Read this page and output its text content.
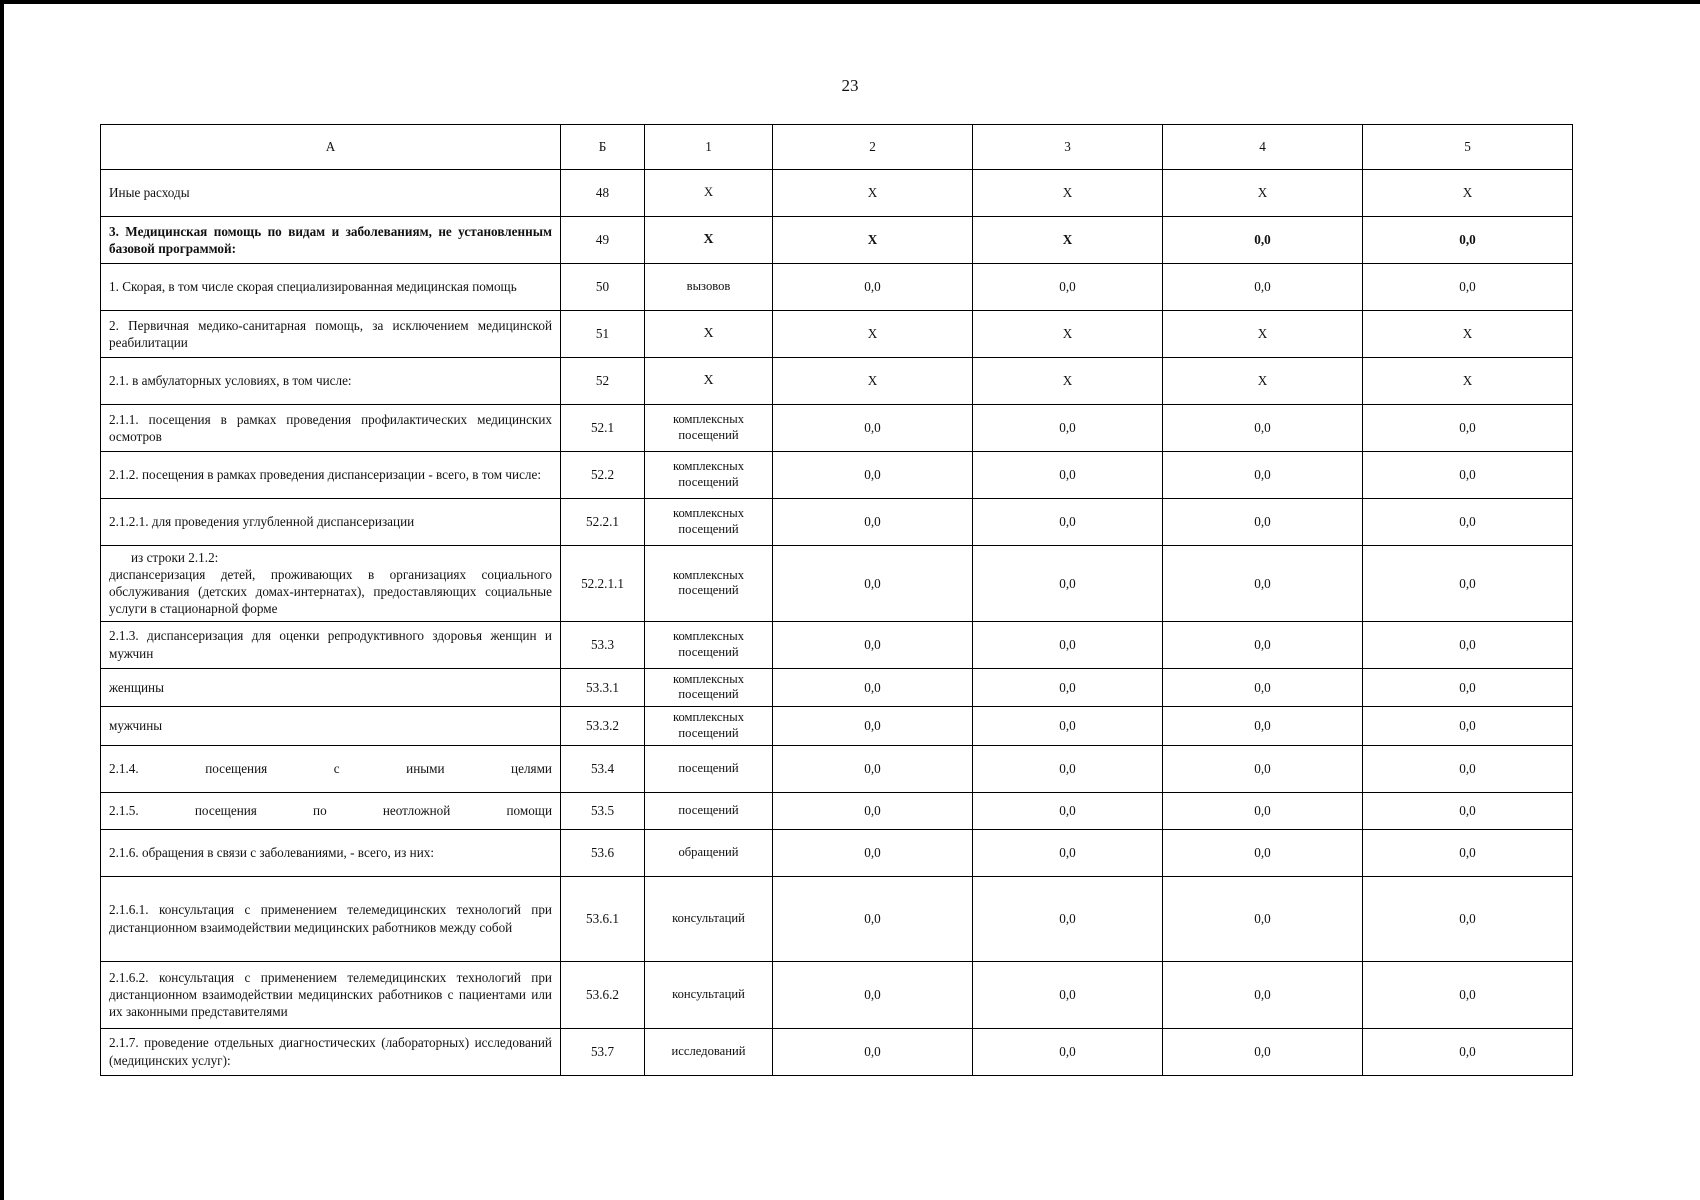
23
А	Б	1	2	3	4	5
Иные расходы	48	Х	Х	Х	Х	Х
3. Медицинская помощь по видам и заболеваниям, не установленным базовой программой:	49	Х	Х	Х	0,0	0,0
1. Скорая, в том числе скорая специализированная медицинская помощь	50	вызовов	0,0	0,0	0,0	0,0
2. Первичная медико-санитарная помощь, за исключением медицинской реабилитации	51	Х	Х	Х	Х	Х
2.1. в амбулаторных условиях, в том числе:	52	Х	Х	Х	Х	Х
2.1.1. посещения в рамках проведения профилактических медицинских осмотров	52.1	комплексных посещений	0,0	0,0	0,0	0,0
2.1.2. посещения в рамках проведения диспансеризации - всего, в том числе:	52.2	комплексных посещений	0,0	0,0	0,0	0,0
2.1.2.1. для проведения углубленной диспансеризации	52.2.1	комплексных посещений	0,0	0,0	0,0	0,0

из строки 2.1.2:
диспансеризация детей, проживающих в организациях социального обслуживания (детских домах-интернатах), предоставляющих социальные услуги в стационарной форме	52.2.1.1	комплексных посещений	0,0	0,0	0,0	0,0
2.1.3. диспансеризация для оценки репродуктивного здоровья женщин и мужчин	53.3	комплексных посещений	0,0	0,0	0,0	0,0
женщины	53.3.1	комплексных посещений	0,0	0,0	0,0	0,0
мужчины	53.3.2	комплексных посещений	0,0	0,0	0,0	0,0
2.1.4. посещения с иными целями	53.4	посещений	0,0	0,0	0,0	0,0
2.1.5. посещения по неотложной помощи	53.5	посещений	0,0	0,0	0,0	0,0
2.1.6. обращения в связи с заболеваниями, - всего, из них:	53.6	обращений	0,0	0,0	0,0	0,0
2.1.6.1. консультация с применением телемедицинских технологий при дистанционном взаимодействии медицинских работников между собой	53.6.1	консультаций	0,0	0,0	0,0	0,0
2.1.6.2. консультация с применением телемедицинских технологий при дистанционном взаимодействии медицинских работников с пациентами или их законными представителями	53.6.2	консультаций	0,0	0,0	0,0	0,0
2.1.7. проведение отдельных диагностических (лабораторных) исследований (медицинских услуг):	53.7	исследований	0,0	0,0	0,0	0,0
